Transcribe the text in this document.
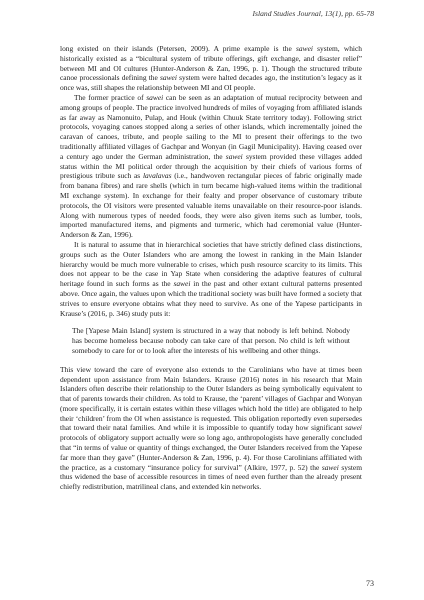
Island Studies Journal, 13(1), pp. 65-78

long existed on their islands (Petersen, 2009). A prime example is the sawei system, which historically existed as a “bicultural system of tribute offerings, gift exchange, and disaster relief” between MI and OI cultures (Hunter-Anderson & Zan, 1996, p. 1). Though the structured tribute canoe processionals defining the sawei system were halted decades ago, the institution’s legacy as it once was, still shapes the relationship between MI and OI people.

The former practice of sawei can be seen as an adaptation of mutual reciprocity between and among groups of people. The practice involved hundreds of miles of voyaging from affiliated islands as far away as Namonuito, Pulap, and Houk (within Chuuk State territory today). Following strict protocols, voyaging canoes stopped along a series of other islands, which incrementally joined the caravan of canoes, tribute, and people sailing to the MI to present their offerings to the two traditionally affiliated villages of Gachpar and Wonyan (in Gagil Municipality). Having ceased over a century ago under the German administration, the sawei system provided these villages added status within the MI political order through the acquisition by their chiefs of various forms of prestigious tribute such as lavalavas (i.e., handwoven rectangular pieces of fabric originally made from banana fibres) and rare shells (which in turn became high-valued items within the traditional MI exchange system). In exchange for their fealty and proper observance of customary tribute protocols, the OI visitors were presented valuable items unavailable on their resource-poor islands. Along with numerous types of needed foods, they were also given items such as lumber, tools, imported manufactured items, and pigments and turmeric, which had ceremonial value (Hunter-Anderson & Zan, 1996).

It is natural to assume that in hierarchical societies that have strictly defined class distinctions, groups such as the Outer Islanders who are among the lowest in ranking in the Main Islander hierarchy would be much more vulnerable to crises, which push resource scarcity to its limits. This does not appear to be the case in Yap State when considering the adaptive features of cultural heritage found in such forms as the sawei in the past and other extant cultural patterns presented above. Once again, the values upon which the traditional society was built have formed a society that strives to ensure everyone obtains what they need to survive. As one of the Yapese participants in Krause’s (2016, p. 346) study puts it:

The [Yapese Main Island] system is structured in a way that nobody is left behind. Nobody has become homeless because nobody can take care of that person. No child is left without somebody to care for or to look after the interests of his wellbeing and other things.

This view toward the care of everyone also extends to the Carolinians who have at times been dependent upon assistance from Main Islanders. Krause (2016) notes in his research that Main Islanders often describe their relationship to the Outer Islanders as being symbolically equivalent to that of parents towards their children. As told to Krause, the ‘parent’ villages of Gachpar and Wonyan (more specifically, it is certain estates within these villages which hold the title) are obligated to help their ‘children’ from the OI when assistance is requested. This obligation reportedly even supersedes that toward their natal families. And while it is impossible to quantify today how significant sawei protocols of obligatory support actually were so long ago, anthropologists have generally concluded that “in terms of value or quantity of things exchanged, the Outer Islanders received from the Yapese far more than they gave” (Hunter-Anderson & Zan, 1996, p. 4). For those Carolinians affiliated with the practice, as a customary “insurance policy for survival” (Alkire, 1977, p. 52) the sawei system thus widened the base of accessible resources in times of need even further than the already present chiefly redistribution, matrilineal clans, and extended kin networks.

73
